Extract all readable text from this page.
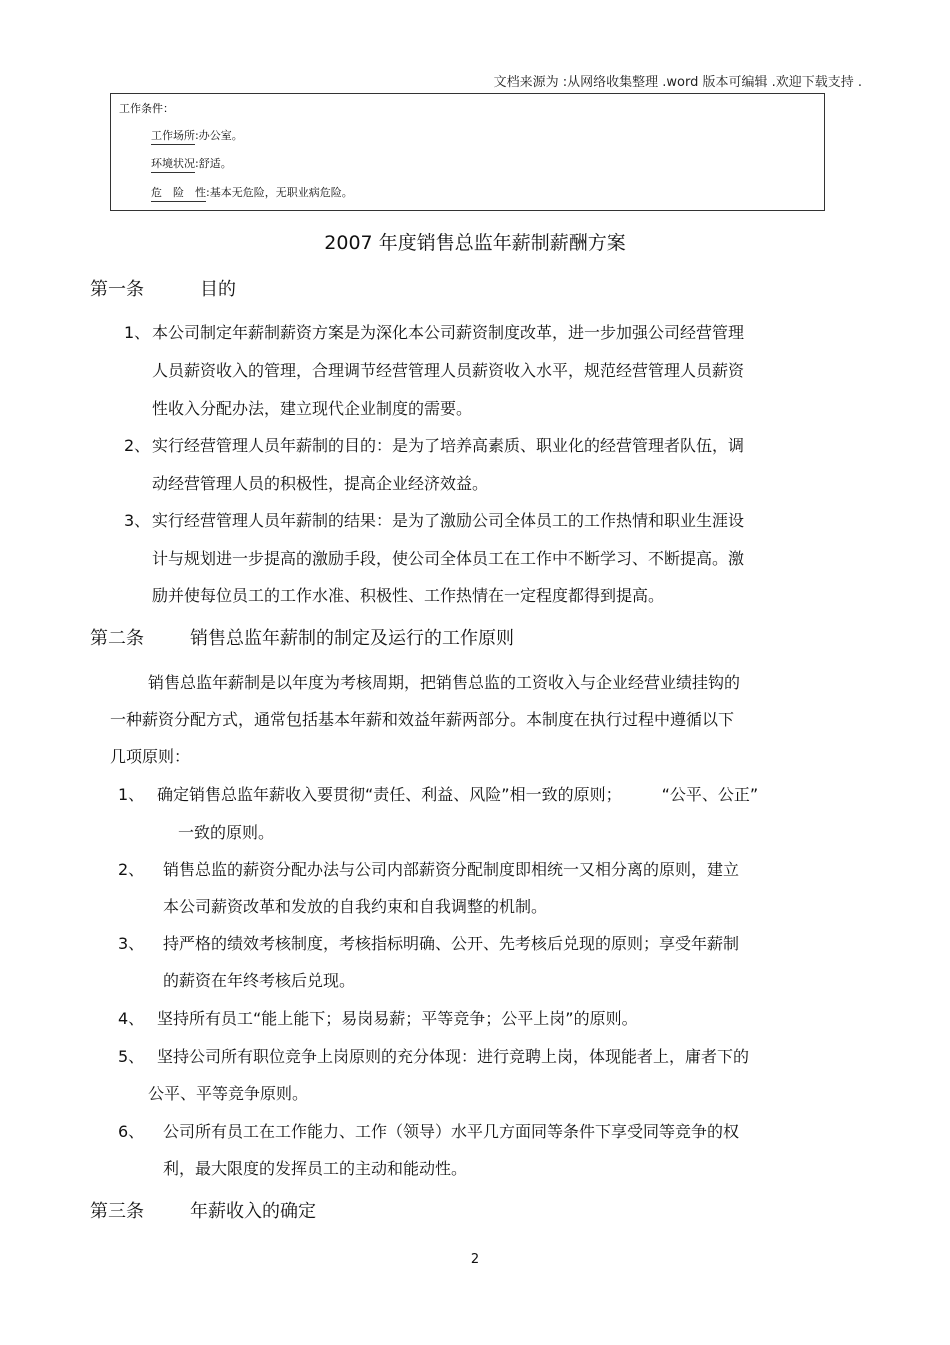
文档来源为 :从网络收集整理 .word 版本可编辑 .欢迎下载支持 .
工作条件：
工作场所:办公室。
环境状况:舒适。
危　险　性:基本无危险，无职业病危险。
2007 年度销售总监年薪制薪酬方案
第一条	目的
1、 本公司制定年薪制薪资方案是为深化本公司薪资制度改革，进一步加强公司经营管理
人员薪资收入的管理，合理调节经营管理人员薪资收入水平，规范经营管理人员薪资
性收入分配办法，建立现代企业制度的需要。
2、 实行经营管理人员年薪制的目的：是为了培养高素质、职业化的经营管理者队伍，调
动经营管理人员的积极性，提高企业经济效益。
3、 实行经营管理人员年薪制的结果：是为了激励公司全体员工的工作热情和职业生涯设
计与规划进一步提高的激励手段，使公司全体员工在工作中不断学习、不断提高。激
励并使每位员工的工作水准、积极性、工作热情在一定程度都得到提高。
第二条	销售总监年薪制的制定及运行的工作原则
销售总监年薪制是以年度为考核周期，把销售总监的工资收入与企业经营业绩挂钩的
一种薪资分配方式，通常包括基本年薪和效益年薪两部分。本制度在执行过程中遵循以下
几项原则：
1、 确定销售总监年薪收入要贯彻“责任、利益、风险”相一致的原则；　　　“公平、公正”
一致的原则。
2、 销售总监的薪资分配办法与公司内部薪资分配制度即相统一又相分离的原则，建立
本公司薪资改革和发放的自我约束和自我调整的机制。
3、 持严格的绩效考核制度，考核指标明确、公开、先考核后兑现的原则；享受年薪制
的薪资在年终考核后兑现。
4、 坚持所有员工“能上能下；易岗易薪；平等竞争；公平上岗”的原则。
5、 坚持公司所有职位竞争上岗原则的充分体现：进行竞聘上岗，体现能者上，庸者下的
公平、平等竞争原则。
6、 公司所有员工在工作能力、工作（领导）水平几方面同等条件下享受同等竞争的权
利，最大限度的发挥员工的主动和能动性。
第三条	年薪收入的确定
2
